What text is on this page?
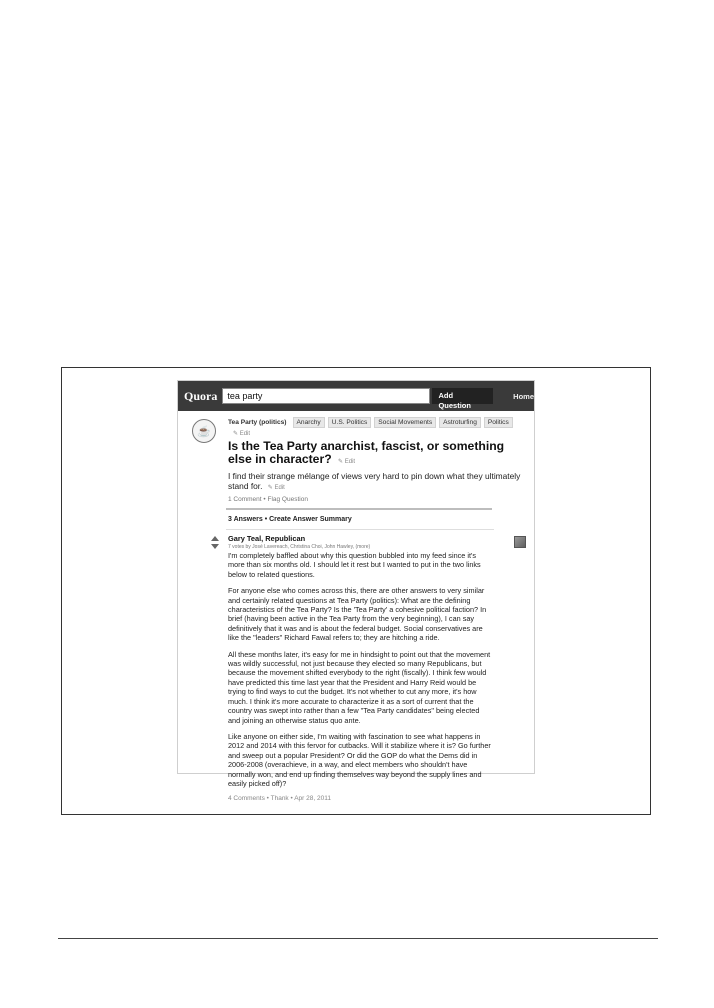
Quora	tea party	Add Question
Home
☕
Tea Party (politics)	Anarchy	U.S. Politics	Social Movements	Astroturfing	Politics
✎ Edit
Is the Tea Party anarchist, fascist, or something else in character? ✎ Edit

I find their strange mélange of views very hard to pin down what they ultimately stand for. ✎ Edit

1 Comment • Flag Question
3 Answers • Create Answer Summary
Gary Teal, Republican
7 votes by José Lavereach, Christina Choi, John Hawley, (more)

I'm completely baffled about why this question bubbled into my feed since it's more than six months old. I should let it rest but I wanted to put in the two links below to related questions.

For anyone else who comes across this, there are other answers to very similar and certainly related questions at Tea Party (politics): What are the defining characteristics of the Tea Party? Is the 'Tea Party' a cohesive political faction? In brief (having been active in the Tea Party from the very beginning), I can say definitively that it was and is about the federal budget. Social conservatives are like the "leaders" Richard Fawal refers to; they are hitching a ride.

All these months later, it's easy for me in hindsight to point out that the movement was wildly successful, not just because they elected so many Republicans, but because the movement shifted everybody to the right (fiscally). I think few would have predicted this time last year that the President and Harry Reid would be trying to find ways to cut the budget. It's not whether to cut any more, it's how much. I think it's more accurate to characterize it as a sort of current that the country was swept into rather than a few "Tea Party candidates" being elected and joining an otherwise status quo ante.

Like anyone on either side, I'm waiting with fascination to see what happens in 2012 and 2014 with this fervor for cutbacks. Will it stabilize where it is? Go further and sweep out a popular President? Or did the GOP do what the Dems did in 2006-2008 (overachieve, in a way, and elect members who shouldn't have normally won, and end up finding themselves way beyond the supply lines and easily picked off)?

4 Comments • Thank • Apr 28, 2011
